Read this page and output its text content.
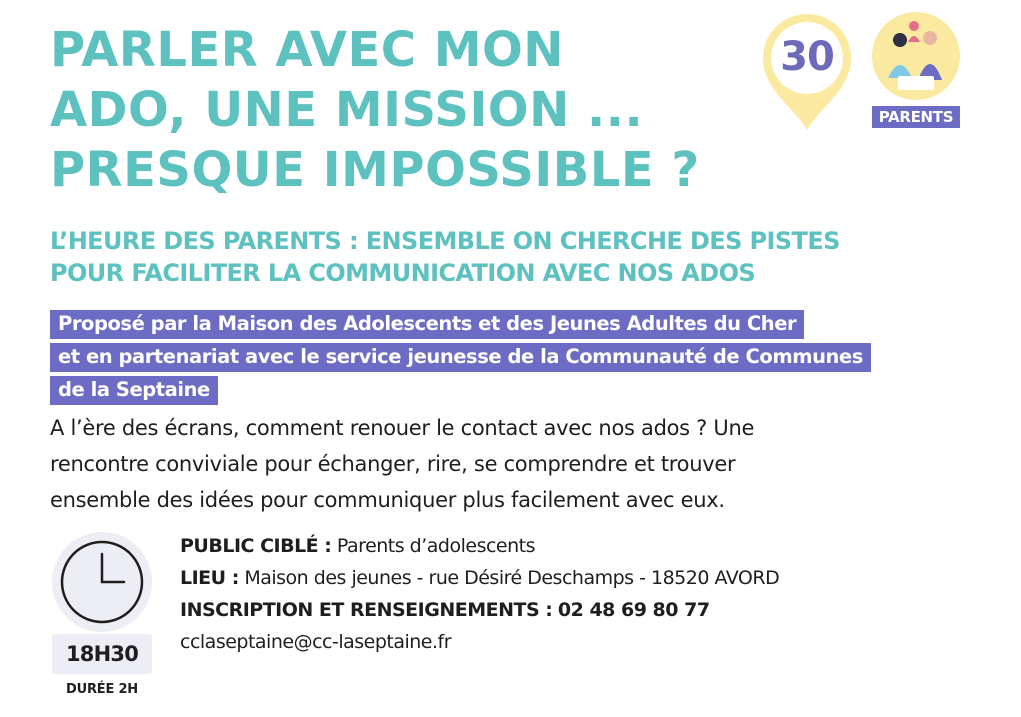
PARLER AVEC MON
ADO, UNE MISSION ...
PRESQUE IMPOSSIBLE ?
30
PARENTS
L’HEURE DES PARENTS : ENSEMBLE ON CHERCHE DES PISTES
POUR FACILITER LA COMMUNICATION AVEC NOS ADOS
Proposé par la Maison des Adolescents et des Jeunes Adultes du Cher
et en partenariat avec le service jeunesse de la Communauté de Communes
de la Septaine

A l’ère des écrans, comment renouer le contact avec nos ados ? Une
rencontre conviviale pour échanger, rire, se comprendre et trouver
ensemble des idées pour communiquer plus facilement avec eux.

18H30
DURÉE 2H
PUBLIC CIBLÉ : Parents d’adolescents
LIEU : Maison des jeunes - rue Désiré Deschamps - 18520 AVORD
INSCRIPTION ET RENSEIGNEMENTS : 02 48 69 80 77
cclaseptaine@cc-laseptaine.fr
